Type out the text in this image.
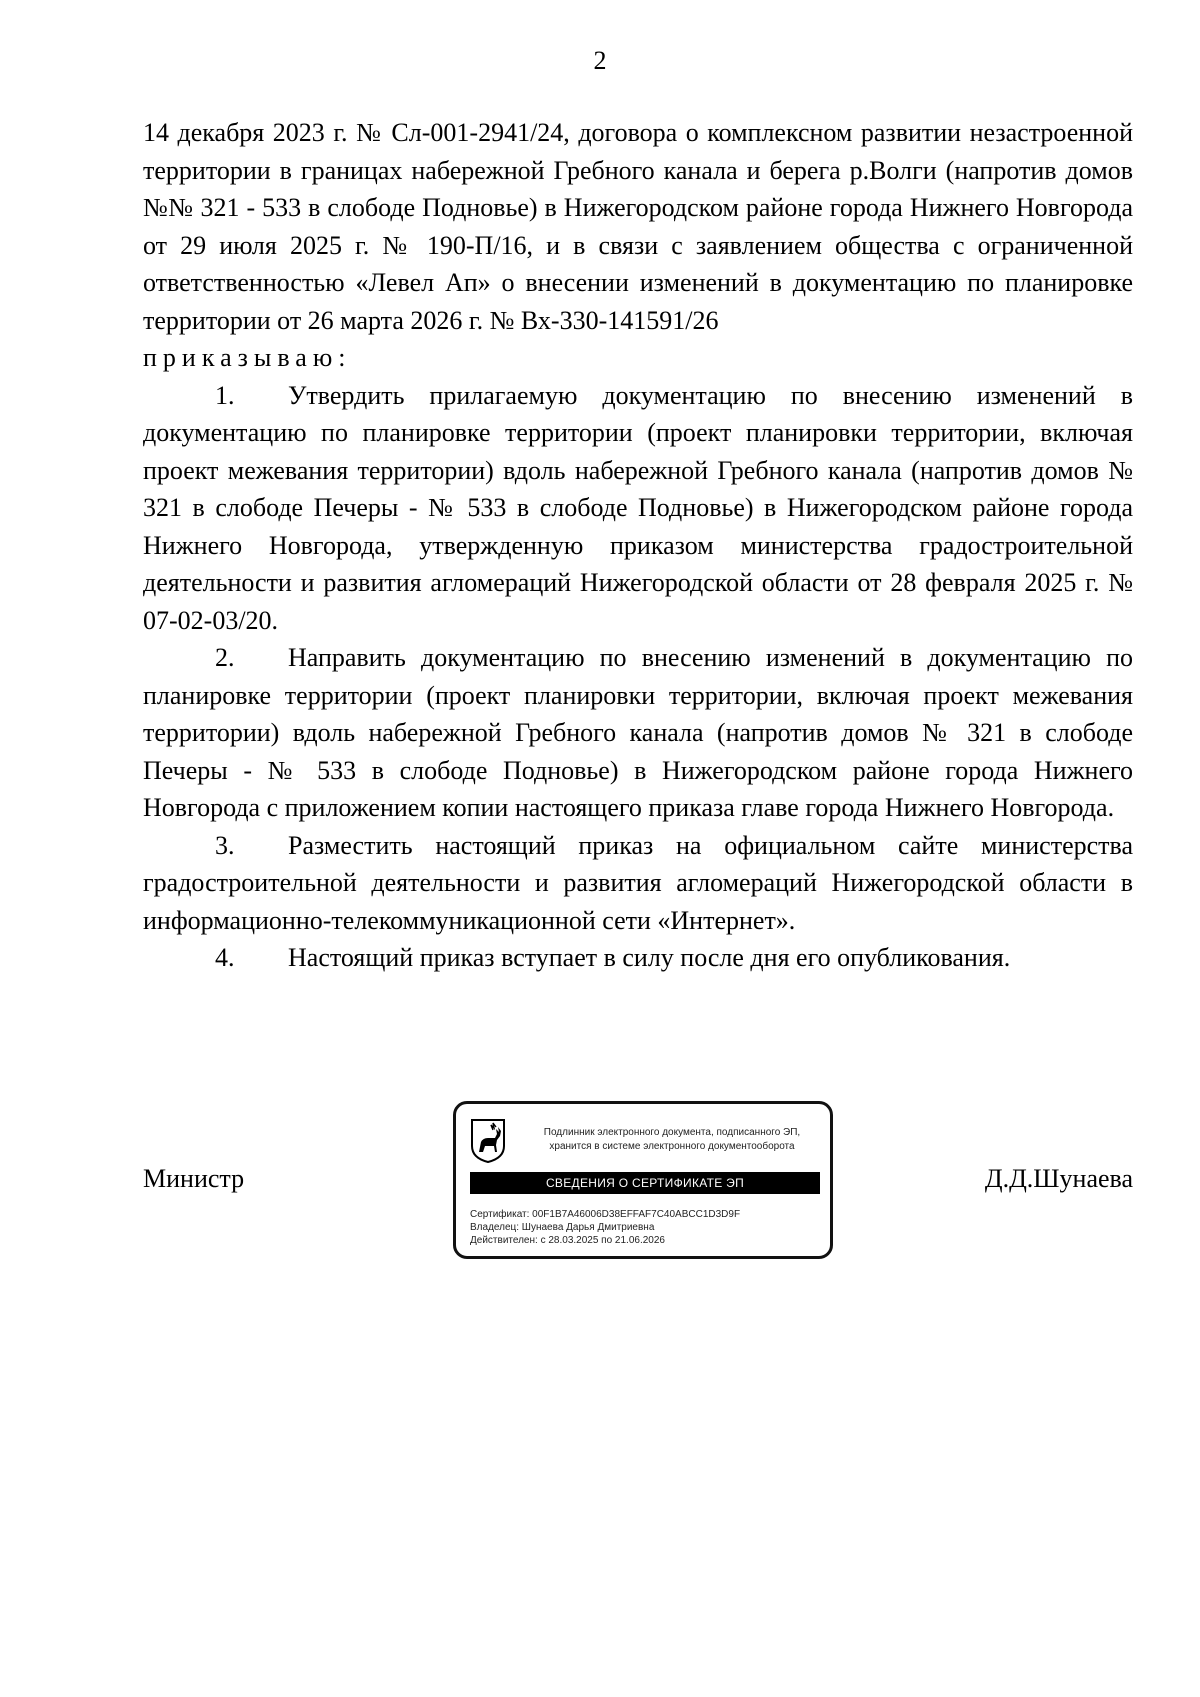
2

14 декабря 2023 г. № Сл-001-2941/24, договора о комплексном развитии незастроенной территории в границах набережной Гребного канала и берега р.Волги (напротив домов №№ 321 - 533 в слободе Подновье) в Нижегородском районе города Нижнего Новгорода от 29 июля 2025 г. № 190-П/16, и в связи с заявлением общества с ограниченной ответственностью «Левел Ап» о внесении изменений в документацию по планировке территории от 26 марта 2026 г. № Вх-330-141591/26

приказываю:

1. Утвердить прилагаемую документацию по внесению изменений в документацию по планировке территории (проект планировки территории, включая проект межевания территории) вдоль набережной Гребного канала (напротив домов № 321 в слободе Печеры - № 533 в слободе Подновье) в Нижегородском районе города Нижнего Новгорода, утвержденную приказом министерства градостроительной деятельности и развития агломераций Нижегородской области от 28 февраля 2025 г. № 07-02-03/20.

2. Направить документацию по внесению изменений в документацию по планировке территории (проект планировки территории, включая проект межевания территории) вдоль набережной Гребного канала (напротив домов № 321 в слободе Печеры - № 533 в слободе Подновье) в Нижегородском районе города Нижнего Новгорода с приложением копии настоящего приказа главе города Нижнего Новгорода.

3. Разместить настоящий приказ на официальном сайте министерства градостроительной деятельности и развития агломераций Нижегородской области в информационно-телекоммуникационной сети «Интернет».

4. Настоящий приказ вступает в силу после дня его опубликования.

Министр
Подлинник электронного документа, подписанного ЭП,
хранится в системе электронного документооборота
СВЕДЕНИЯ О СЕРТИФИКАТЕ ЭП
Сертификат: 00F1B7A46006D38EFFAF7C40ABCC1D3D9F
Владелец: Шунаева Дарья Дмитриевна
Действителен: с 28.03.2025 по 21.06.2026
Д.Д.Шунаева
